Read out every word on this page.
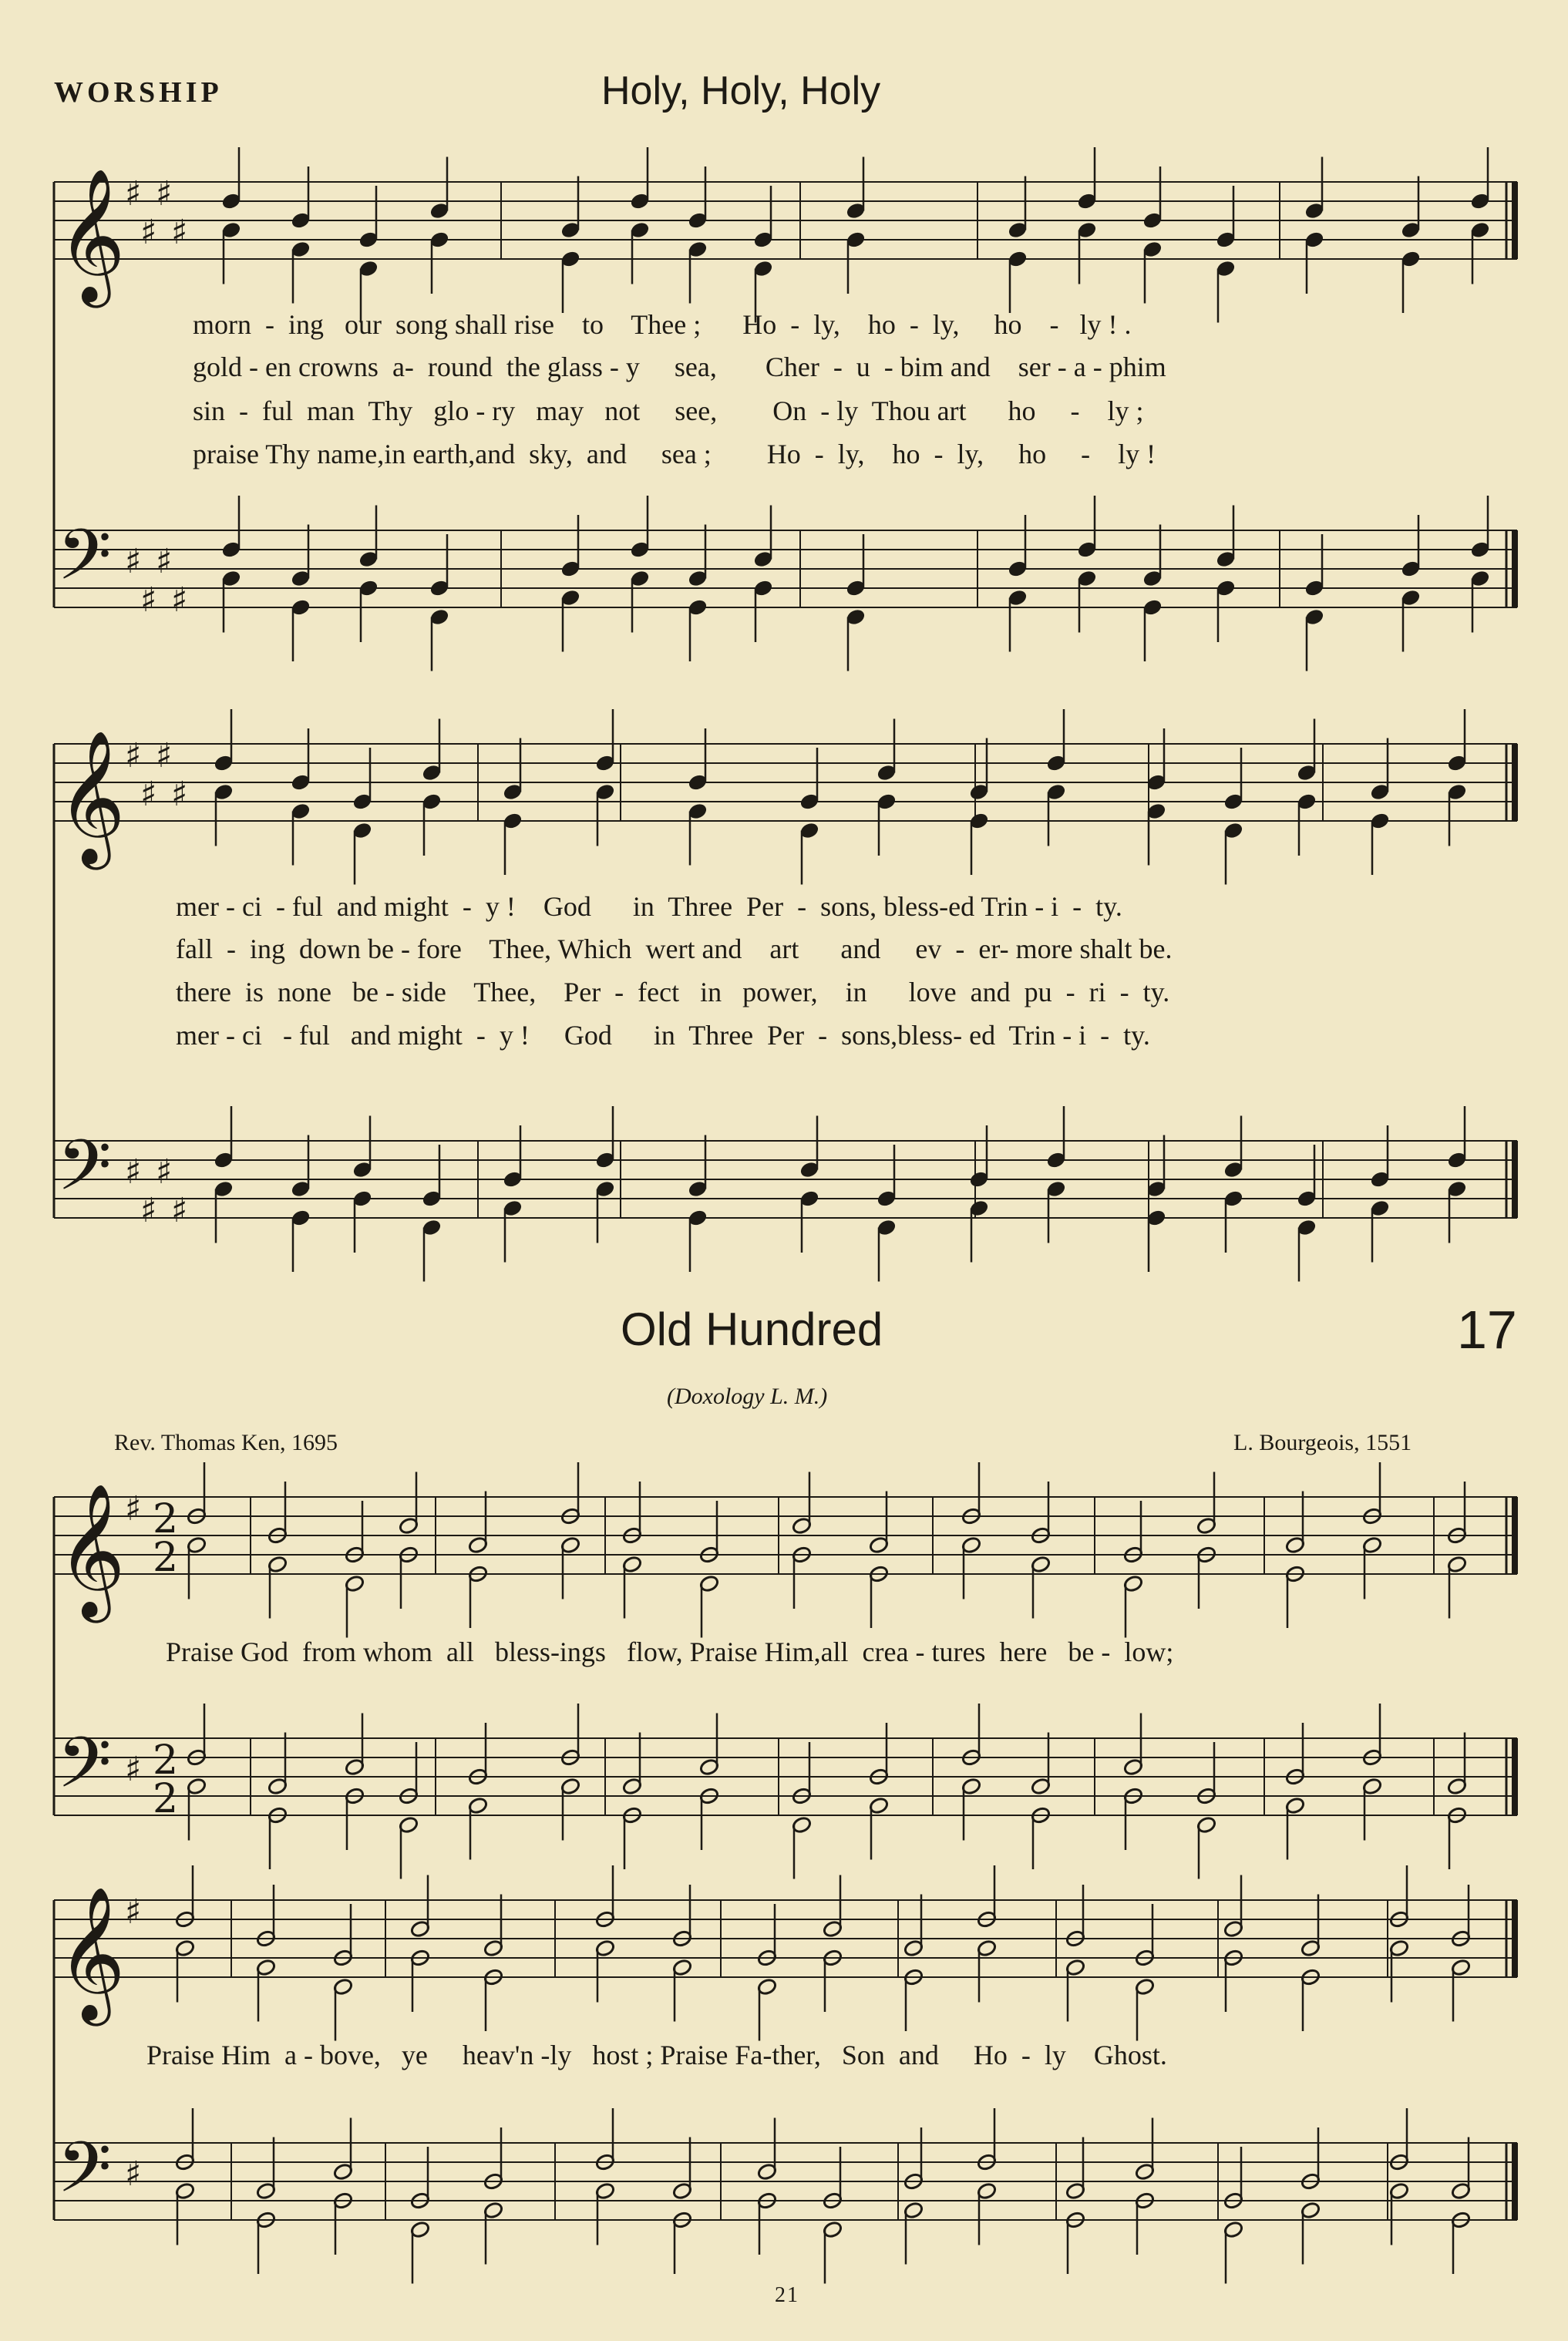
WORSHIP	Holy, Holy, Holy
𝄞
𝄢
♯
♯
♯
♯
♯
♯
♯
♯
𝄞
𝄢
♯
♯
♯
♯
♯
♯
♯
♯
𝄞
𝄢
♯
♯
2
2
2
2
𝄞
𝄢
♯
♯
morn  -  ing   our  song shall rise    to    Thee ;      Ho  -  ly,    ho  -  ly,     ho    -   ly ! .
gold - en crowns  a-  round  the glass - y     sea,       Cher  -  u  - bim and    ser - a - phim
sin  -  ful  man  Thy   glo - ry   may   not     see,        On  - ly  Thou art      ho     -    ly ;
praise Thy name,in earth,and  sky,  and     sea ;        Ho  -  ly,    ho  -  ly,     ho     -    ly !
mer - ci  - ful  and might  -  y !    God      in  Three  Per  -  sons, bless-ed Trin - i  -  ty.
fall  -  ing  down be - fore    Thee, Which  wert and    art      and     ev  -  er- more shalt be.
there  is  none   be - side    Thee,    Per  -  fect   in   power,    in      love  and  pu  -  ri  -  ty.
mer - ci   - ful   and might  -  y !     God      in  Three  Per  -  sons,bless- ed  Trin - i  -  ty.
Old Hundred	17
(Doxology L. M.)
Rev. Thomas Ken, 1695	L. Bourgeois, 1551
Praise God  from whom  all   bless-ings   flow, Praise Him,all  crea - tures  here   be -  low;
Praise Him  a - bove,   ye     heav'n -ly   host ; Praise Fa-ther,   Son  and     Ho  -  ly    Ghost.
21
